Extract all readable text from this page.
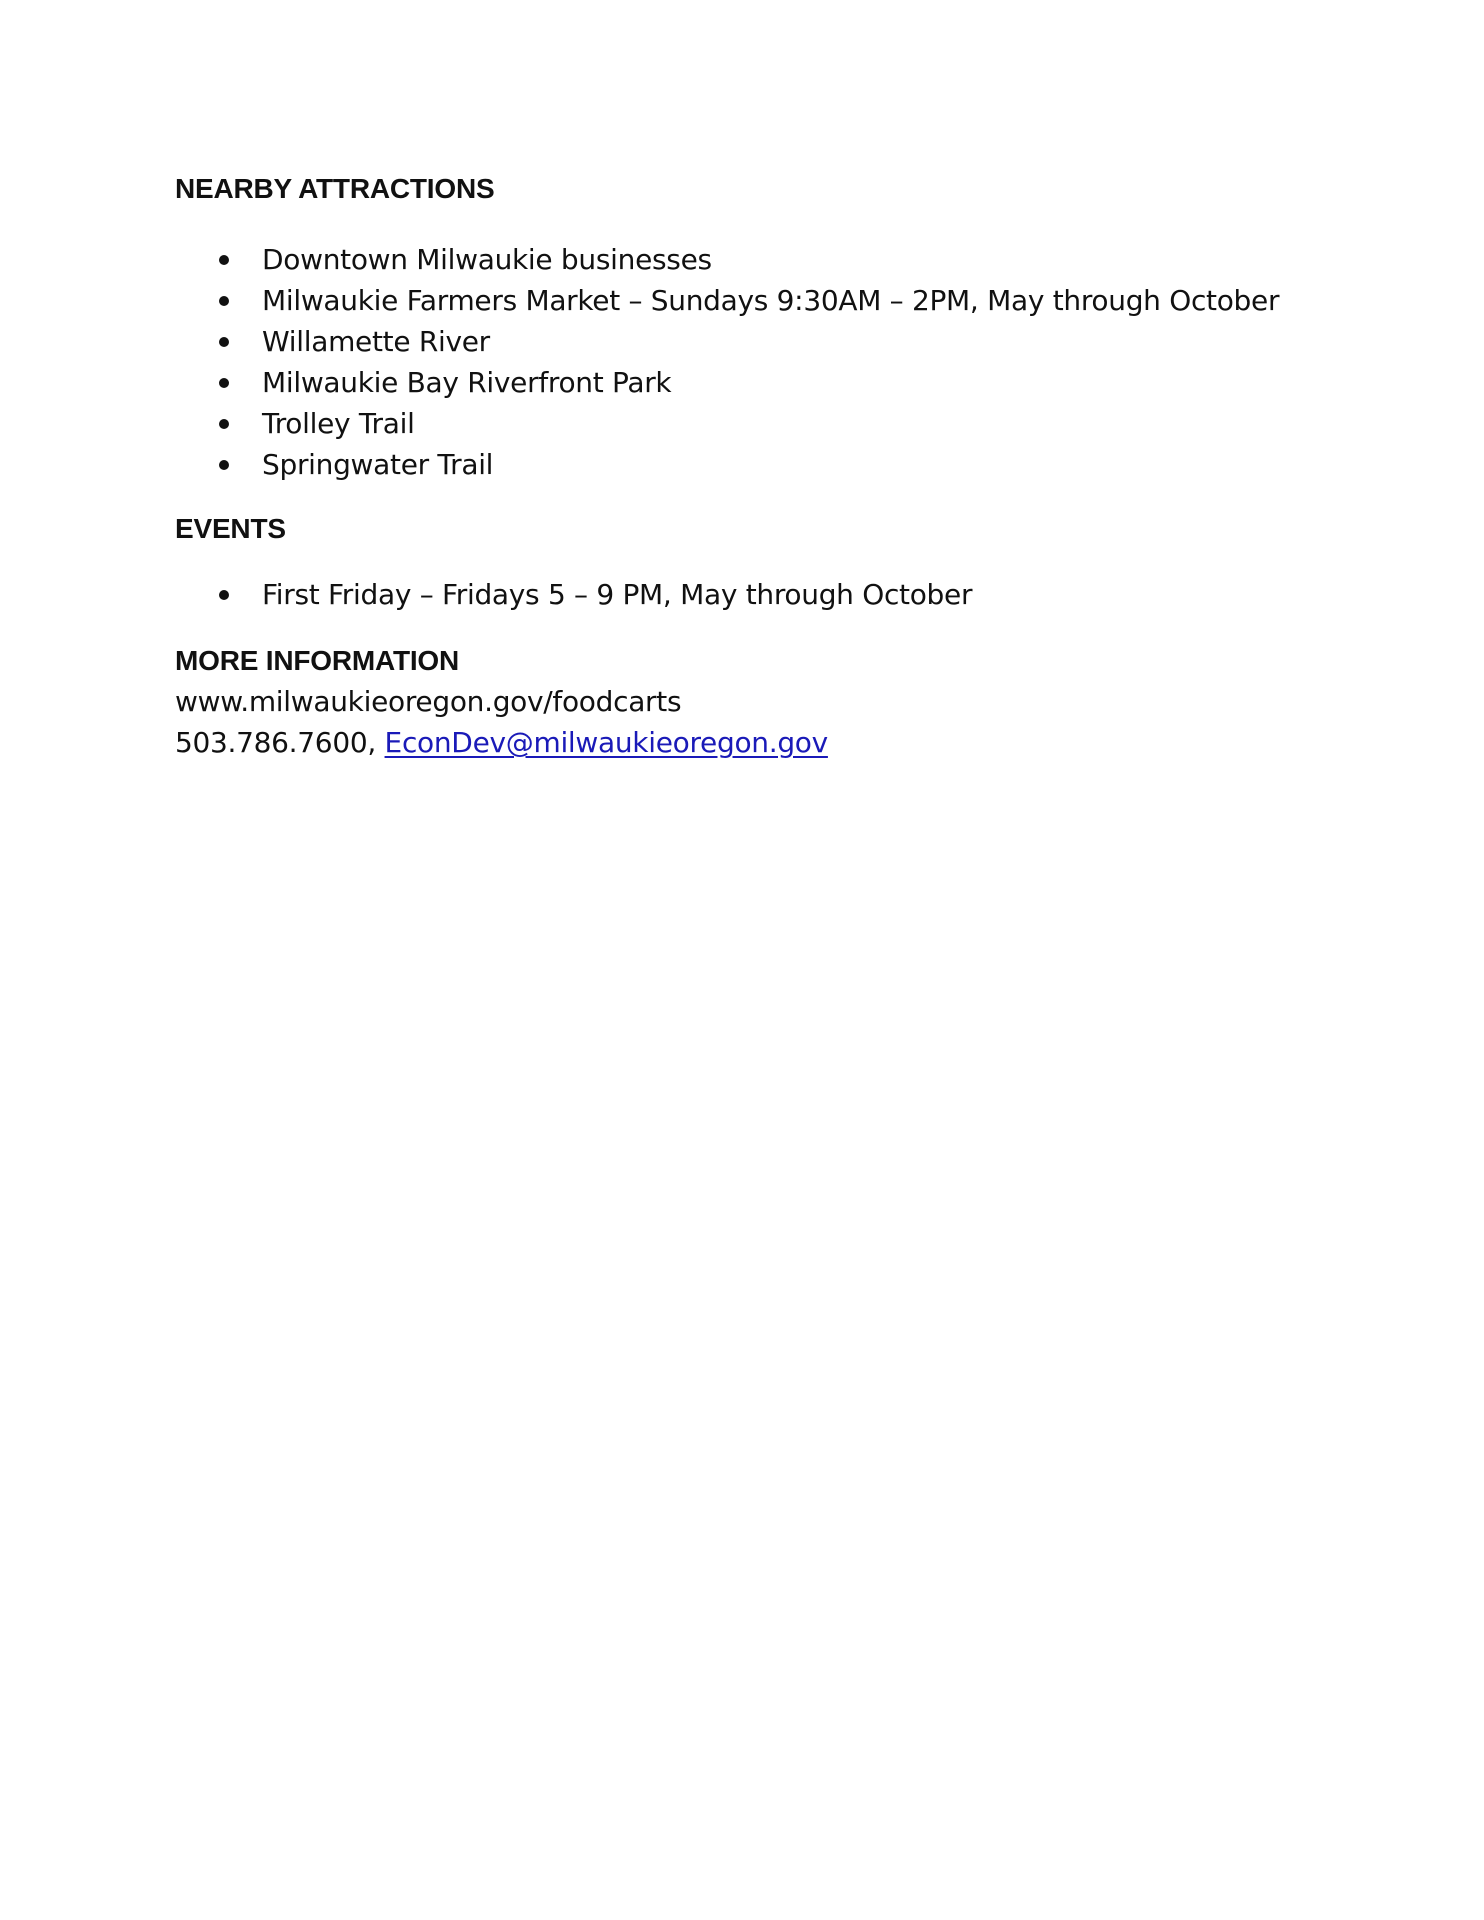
NEARBY ATTRACTIONS
Downtown Milwaukie businesses
Milwaukie Farmers Market – Sundays 9:30AM – 2PM, May through October
Willamette River
Milwaukie Bay Riverfront Park
Trolley Trail
Springwater Trail
EVENTS
First Friday – Fridays 5 – 9 PM, May through October
MORE INFORMATION
www.milwaukieoregon.gov/foodcarts
503.786.7600, EconDev@milwaukieoregon.gov
